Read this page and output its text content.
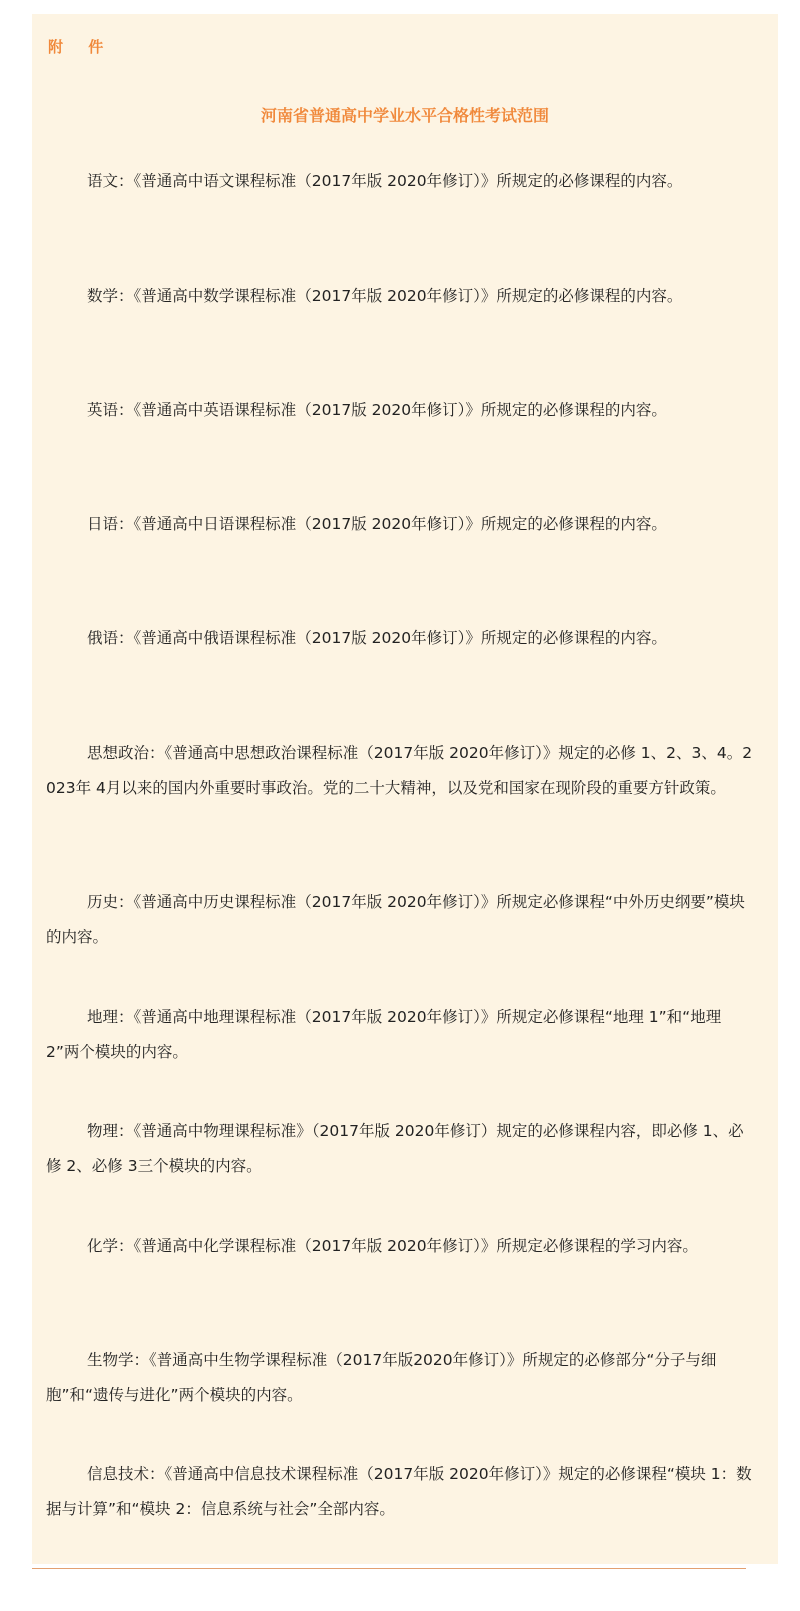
附 件
河南省普通高中学业水平合格性考试范围

语文：《普通高中语文课程标准（2017年版 2020年修订）》所规定的必修课程的内容。

数学：《普通高中数学课程标准（2017年版 2020年修订）》所规定的必修课程的内容。

英语：《普通高中英语课程标准（2017版 2020年修订）》所规定的必修课程的内容。

日语：《普通高中日语课程标准（2017版 2020年修订）》所规定的必修课程的内容。

俄语：《普通高中俄语课程标准（2017版 2020年修订）》所规定的必修课程的内容。

思想政治：《普通高中思想政治课程标准（2017年版 2020年修订）》规定的必修 1、2、3、4。2023年 4月以来的国内外重要时事政治。党的二十大精神，以及党和国家在现阶段的重要方针政策。

历史：《普通高中历史课程标准（2017年版 2020年修订）》所规定必修课程“中外历史纲要”模块的内容。

地理：《普通高中地理课程标准（2017年版 2020年修订）》所规定必修课程“地理 1”和“地理 2”两个模块的内容。

物理：《普通高中物理课程标准》（2017年版 2020年修订）规定的必修课程内容，即必修 1、必修 2、必修 3三个模块的内容。

化学：《普通高中化学课程标准（2017年版 2020年修订）》所规定必修课程的学习内容。

生物学：《普通高中生物学课程标准（2017年版2020年修订）》所规定的必修部分“分子与细胞”和“遗传与进化”两个模块的内容。

信息技术：《普通高中信息技术课程标准（2017年版 2020年修订）》规定的必修课程“模块 1：数据与计算”和“模块 2：信息系统与社会”全部内容。
